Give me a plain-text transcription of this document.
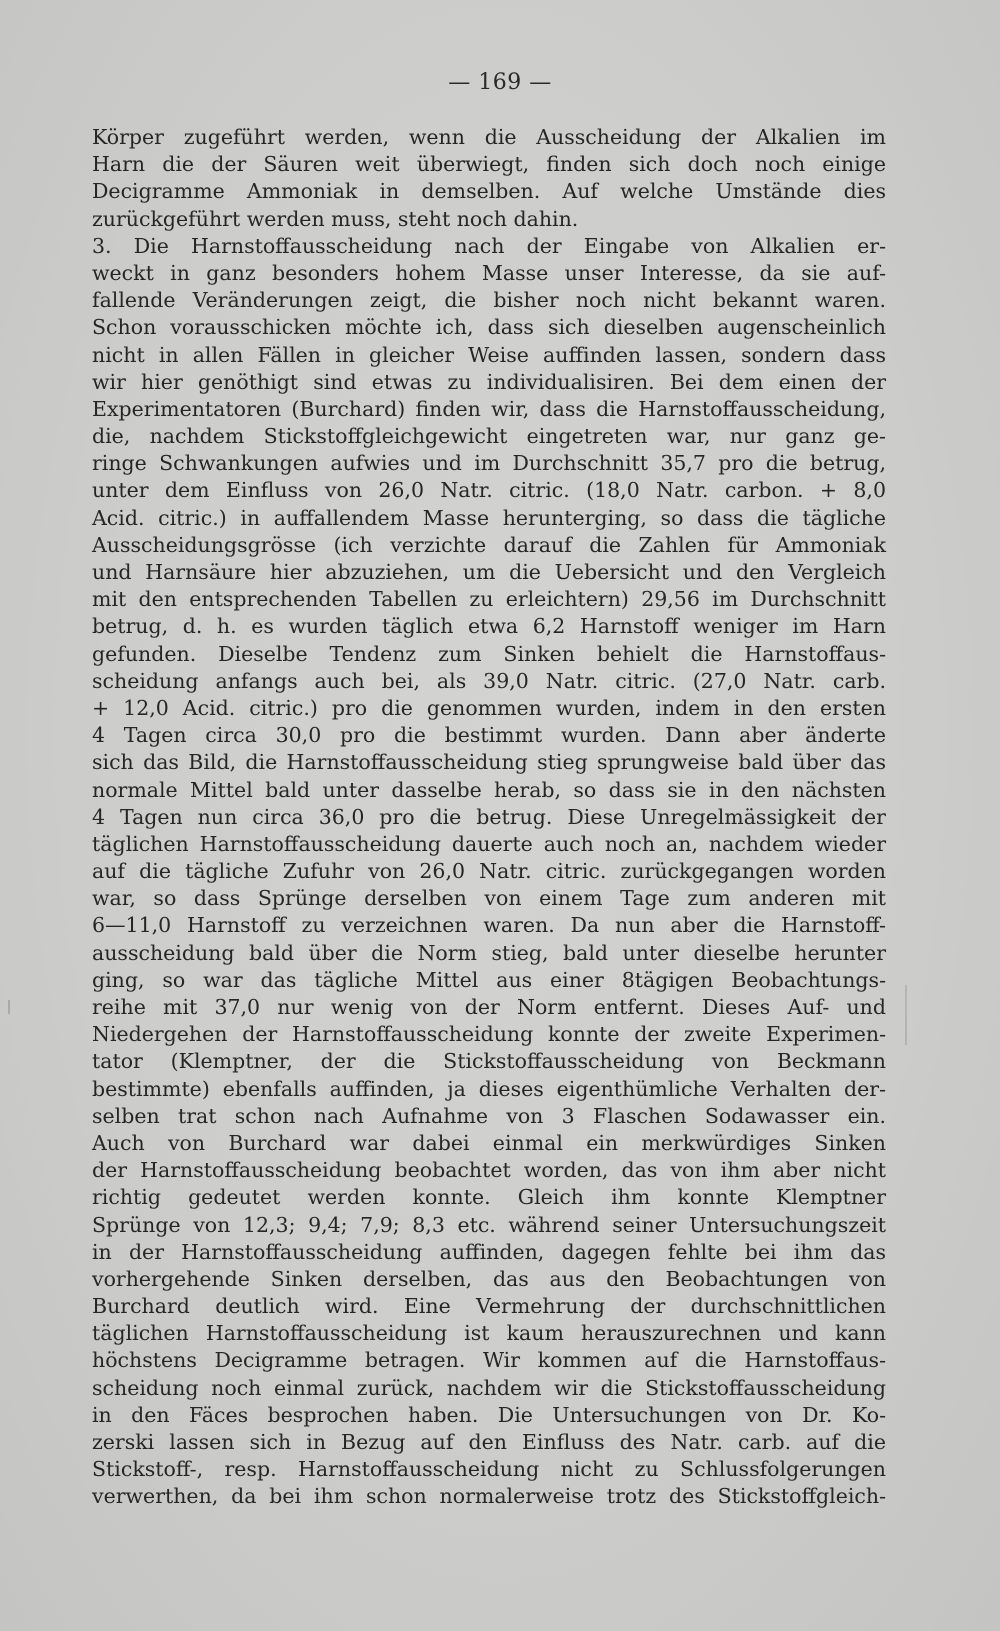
— 169 —
Körper zugeführt werden, wenn die Ausscheidung der Alkalien im
Harn die der Säuren weit überwiegt, finden sich doch noch einige
Decigramme Ammoniak in demselben. Auf welche Umstände dies
zurückgeführt werden muss, steht noch dahin.
3. Die Harnstoffausscheidung nach der Eingabe von Alkalien er-
weckt in ganz besonders hohem Masse unser Interesse, da sie auf-
fallende Veränderungen zeigt, die bisher noch nicht bekannt waren.
Schon vorausschicken möchte ich, dass sich dieselben augenscheinlich
nicht in allen Fällen in gleicher Weise auffinden lassen, sondern dass
wir hier genöthigt sind etwas zu individualisiren. Bei dem einen der
Experimentatoren (Burchard) finden wir, dass die Harnstoffausscheidung,
die, nachdem Stickstoffgleichgewicht eingetreten war, nur ganz ge-
ringe Schwankungen aufwies und im Durchschnitt 35,7 pro die betrug,
unter dem Einfluss von 26,0 Natr. citric. (18,0 Natr. carbon. + 8,0
Acid. citric.) in auffallendem Masse herunterging, so dass die tägliche
Ausscheidungsgrösse (ich verzichte darauf die Zahlen für Ammoniak
und Harnsäure hier abzuziehen, um die Uebersicht und den Vergleich
mit den entsprechenden Tabellen zu erleichtern) 29,56 im Durchschnitt
betrug, d. h. es wurden täglich etwa 6,2 Harnstoff weniger im Harn
gefunden. Dieselbe Tendenz zum Sinken behielt die Harnstoffaus-
scheidung anfangs auch bei, als 39,0 Natr. citric. (27,0 Natr. carb.
+ 12,0 Acid. citric.) pro die genommen wurden, indem in den ersten
4 Tagen circa 30,0 pro die bestimmt wurden. Dann aber änderte
sich das Bild, die Harnstoffausscheidung stieg sprungweise bald über das
normale Mittel bald unter dasselbe herab, so dass sie in den nächsten
4 Tagen nun circa 36,0 pro die betrug. Diese Unregelmässigkeit der
täglichen Harnstoffausscheidung dauerte auch noch an, nachdem wieder
auf die tägliche Zufuhr von 26,0 Natr. citric. zurückgegangen worden
war, so dass Sprünge derselben von einem Tage zum anderen mit
6—11,0 Harnstoff zu verzeichnen waren. Da nun aber die Harnstoff-
ausscheidung bald über die Norm stieg, bald unter dieselbe herunter
ging, so war das tägliche Mittel aus einer 8tägigen Beobachtungs-
reihe mit 37,0 nur wenig von der Norm entfernt. Dieses Auf- und
Niedergehen der Harnstoffausscheidung konnte der zweite Experimen-
tator (Klemptner, der die Stickstoffausscheidung von Beckmann
bestimmte) ebenfalls auffinden, ja dieses eigenthümliche Verhalten der-
selben trat schon nach Aufnahme von 3 Flaschen Sodawasser ein.
Auch von Burchard war dabei einmal ein merkwürdiges Sinken
der Harnstoffausscheidung beobachtet worden, das von ihm aber nicht
richtig gedeutet werden konnte. Gleich ihm konnte Klemptner
Sprünge von 12,3; 9,4; 7,9; 8,3 etc. während seiner Untersuchungszeit
in der Harnstoffausscheidung auffinden, dagegen fehlte bei ihm das
vorhergehende Sinken derselben, das aus den Beobachtungen von
Burchard deutlich wird. Eine Vermehrung der durchschnittlichen
täglichen Harnstoffausscheidung ist kaum herauszurechnen und kann
höchstens Decigramme betragen. Wir kommen auf die Harnstoffaus-
scheidung noch einmal zurück, nachdem wir die Stickstoffausscheidung
in den Fäces besprochen haben. Die Untersuchungen von Dr. Ko-
zerski lassen sich in Bezug auf den Einfluss des Natr. carb. auf die
Stickstoff-, resp. Harnstoffausscheidung nicht zu Schlussfolgerungen
verwerthen, da bei ihm schon normalerweise trotz des Stickstoffgleich-
